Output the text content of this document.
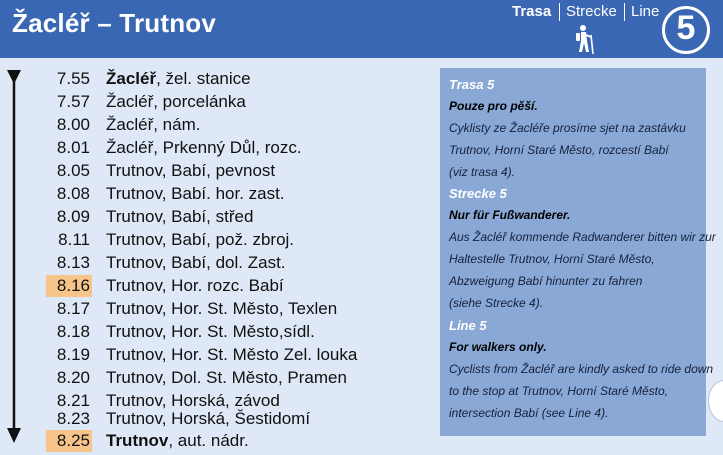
Žacléř – Trutnov	Trasa Strecke Line 5
7.55 Žacléř, žel. stanice
7.57 Žacléř, porcelánka
8.00 Žacléř, nám.
8.01 Žacléř, Prkenný Důl, rozc.
8.05 Trutnov, Babí, pevnost
8.08 Trutnov, Babí. hor. zast.
8.09 Trutnov, Babí, střed
8.11 Trutnov, Babí, pož. zbroj.
8.13 Trutnov, Babí, dol. Zast.
8.16 Trutnov, Hor. rozc. Babí
8.17 Trutnov, Hor. St. Město, Texlen
8.18 Trutnov, Hor. St. Město,sídl.
8.19 Trutnov, Hor. St. Město Zel. louka
8.20 Trutnov, Dol. St. Město, Pramen
8.21 Trutnov, Horská, závod
8.23 Trutnov, Horská, Šestidomí
8.25 Trutnov, aut. nádr.
Trasa 5
Pouze pro pěší.
Cyklisty ze Žacléře prosíme sjet na zastávku
Trutnov, Horní Staré Město, rozcestí Babí
(viz trasa 4).
Strecke 5
Nur für Fußwanderer.
Aus Žacléř kommende Radwanderer bitten wir zur
Haltestelle Trutnov, Horní Staré Město,
Abzweigung Babí hinunter zu fahren
(siehe Strecke 4).
Line 5
For walkers only.
Cyclists from Žacléř are kindly asked to ride down
to the stop at Trutnov, Horní Staré Město,
intersection Babí (see Line 4).
